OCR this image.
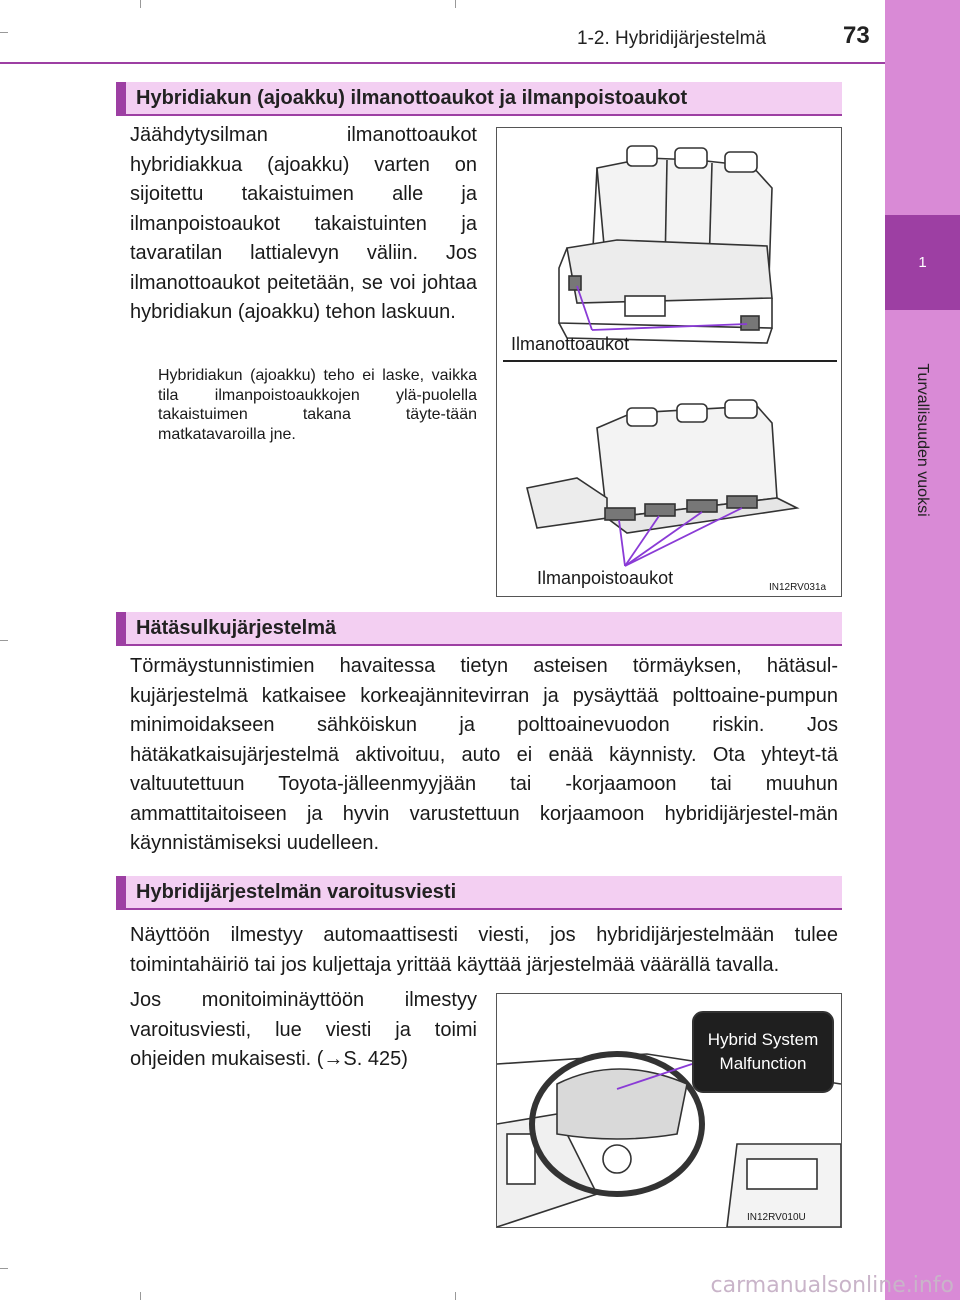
1
Turvallisuuden vuoksi
1-2. Hybridijärjestelmä	73
Hybridiakun (ajoakku) ilmanottoaukot ja ilmanpoistoaukot
Jäähdytysilman ilmanottoaukot hybridiakkua (ajoakku) varten on sijoitettu takaistuimen alle ja ilmanpoistoaukot takaistuinten ja tavaratilan lattialevyn väliin. Jos ilmanottoaukot peitetään, se voi johtaa hybridiakun (ajoakku) tehon laskuun.
Hybridiakun (ajoakku) teho ei laske, vaikka tila ilmanpoistoaukkojen ylä-puolella takaistuimen takana täyte-tään matkatavaroilla jne.
Ilmanottoaukot
Ilmanpoistoaukot	IN12RV031a
Hätäsulkujärjestelmä
Törmäystunnistimien havaitessa tietyn asteisen törmäyksen, hätäsul-kujärjestelmä katkaisee korkeajännitevirran ja pysäyttää polttoaine-pumpun minimoidakseen sähköiskun ja polttoainevuodon riskin. Jos hätäkatkaisujärjestelmä aktivoituu, auto ei enää käynnisty. Ota yhteyt-tä valtuutettuun Toyota-jälleenmyyjään tai -korjaamoon tai muuhun ammattitaitoiseen ja hyvin varustettuun korjaamoon hybridijärjestel-män käynnistämiseksi uudelleen.
Hybridijärjestelmän varoitusviesti
Näyttöön ilmestyy automaattisesti viesti, jos hybridijärjestelmään tulee toimintahäiriö tai jos kuljettaja yrittää käyttää järjestelmää väärällä tavalla.
Jos monitoiminäyttöön ilmestyy varoitusviesti, lue viesti ja toimi ohjeiden mukaisesti. (→S. 425)
Hybrid System
Malfunction
IN12RV010U
carmanualsonline.info
